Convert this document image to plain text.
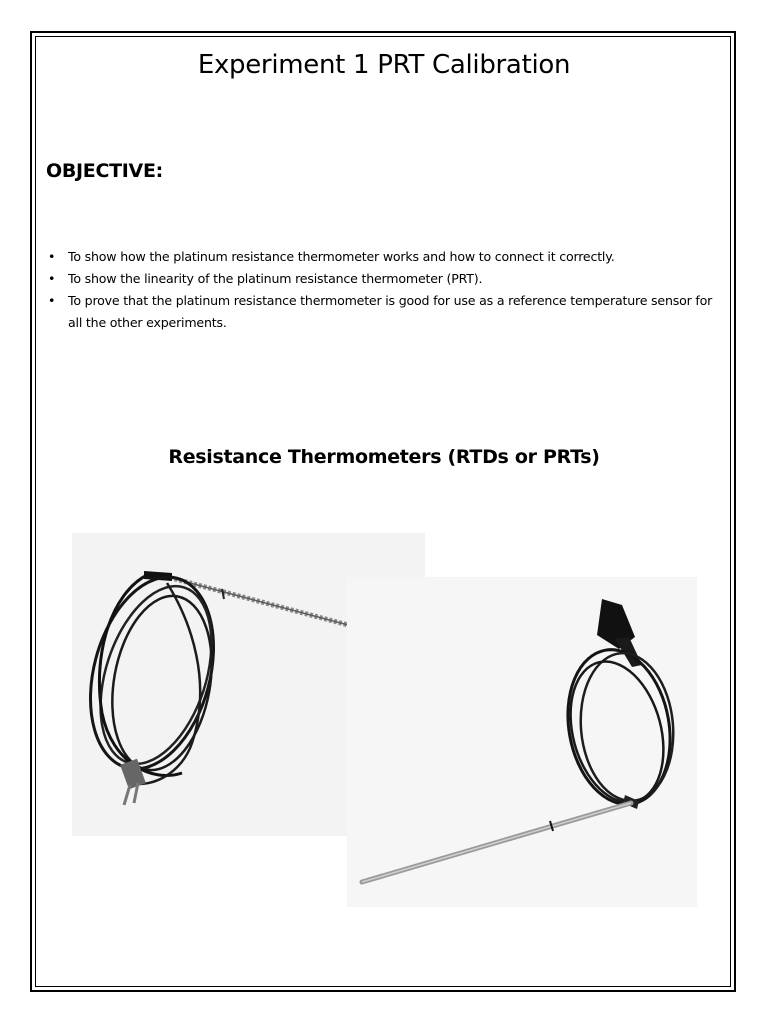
Experiment 1 PRT Calibration
OBJECTIVE:
• To show how the platinum resistance thermometer works and how to connect it correctly.
• To show the linearity of the platinum resistance thermometer (PRT).
• To prove that the platinum resistance thermometer is good for use as a reference temperature sensor for all the other experiments.
Resistance Thermometers (RTDs or PRTs)
